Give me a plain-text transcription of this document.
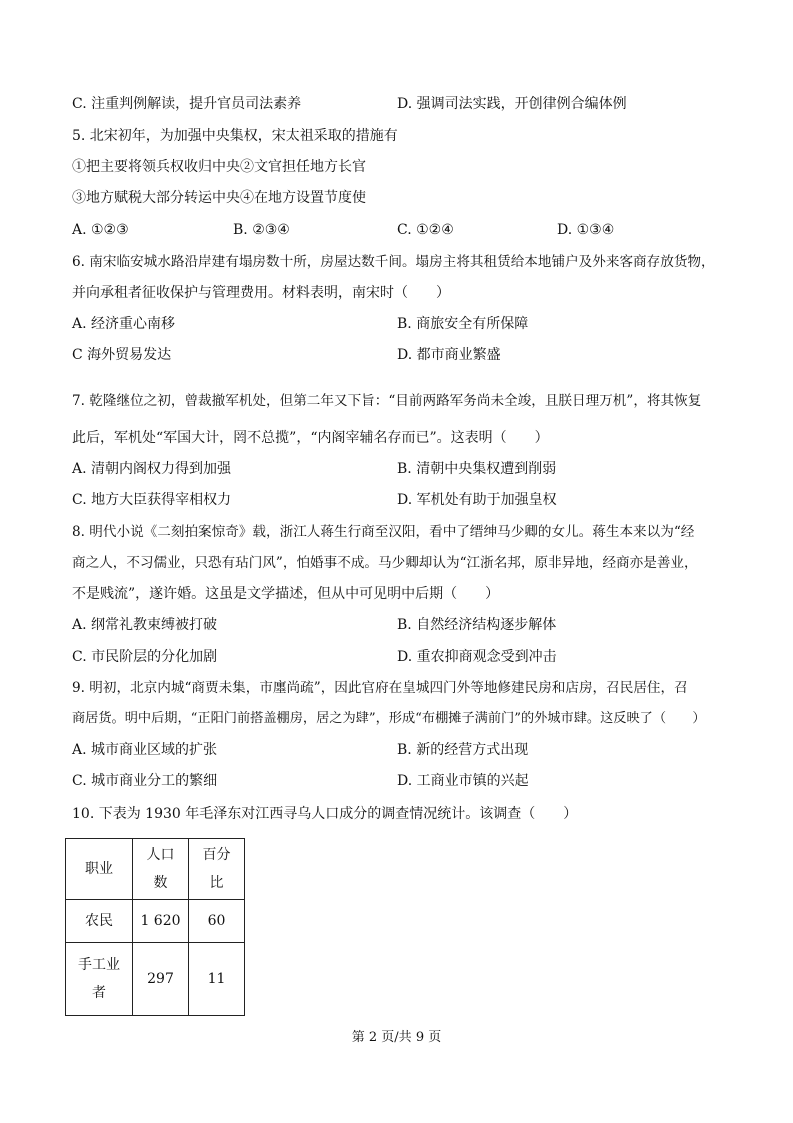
C. 注重判例解读，提升官员司法素养	D. 强调司法实践，开创律例合编体例
5. 北宋初年，为加强中央集权，宋太祖采取的措施有
①把主要将领兵权收归中央②文官担任地方长官
③地方赋税大部分转运中央④在地方设置节度使
A. ①②③	B. ②③④	C. ①②④	D. ①③④
6. 南宋临安城水路沿岸建有塌房数十所，房屋达数千间。塌房主将其租赁给本地铺户及外来客商存放货物，
并向承租者征收保护与管理费用。材料表明，南宋时（　　）
A. 经济重心南移	B. 商旅安全有所保障
C 海外贸易发达	D. 都市商业繁盛
7. 乾隆继位之初，曾裁撤军机处，但第二年又下旨：“目前两路军务尚未全竣，且朕日理万机”，将其恢复
此后，军机处“军国大计，罔不总揽”，“内阁宰辅名存而已”。这表明（　　）
A. 清朝内阁权力得到加强	B. 清朝中央集权遭到削弱
C. 地方大臣获得宰相权力	D. 军机处有助于加强皇权
8. 明代小说《二刻拍案惊奇》载，浙江人蒋生行商至汉阳，看中了缙绅马少卿的女儿。蒋生本来以为“经
商之人，不习儒业，只恐有玷门风”，怕婚事不成。马少卿却认为“江浙名邦，原非异地，经商亦是善业，
不是贱流”，遂许婚。这虽是文学描述，但从中可见明中后期（　　）
A. 纲常礼教束缚被打破	B. 自然经济结构逐步解体
C. 市民阶层的分化加剧	D. 重农抑商观念受到冲击
9. 明初，北京内城“商贾未集，市廛尚疏”，因此官府在皇城四门外等地修建民房和店房，召民居住，召
商居货。明中后期，“正阳门前搭盖棚房，居之为肆”，形成“布棚摊子满前门”的外城市肆。这反映了（　　）
A. 城市商业区域的扩张	B. 新的经营方式出现
C. 城市商业分工的繁细	D. 工商业市镇的兴起
10. 下表为 1930 年毛泽东对江西寻乌人口成分的调查情况统计。该调查（　　）
职业	人口数	百分比

农民	1 620	60

手工业者	297	11
第 2 页/共 9 页
